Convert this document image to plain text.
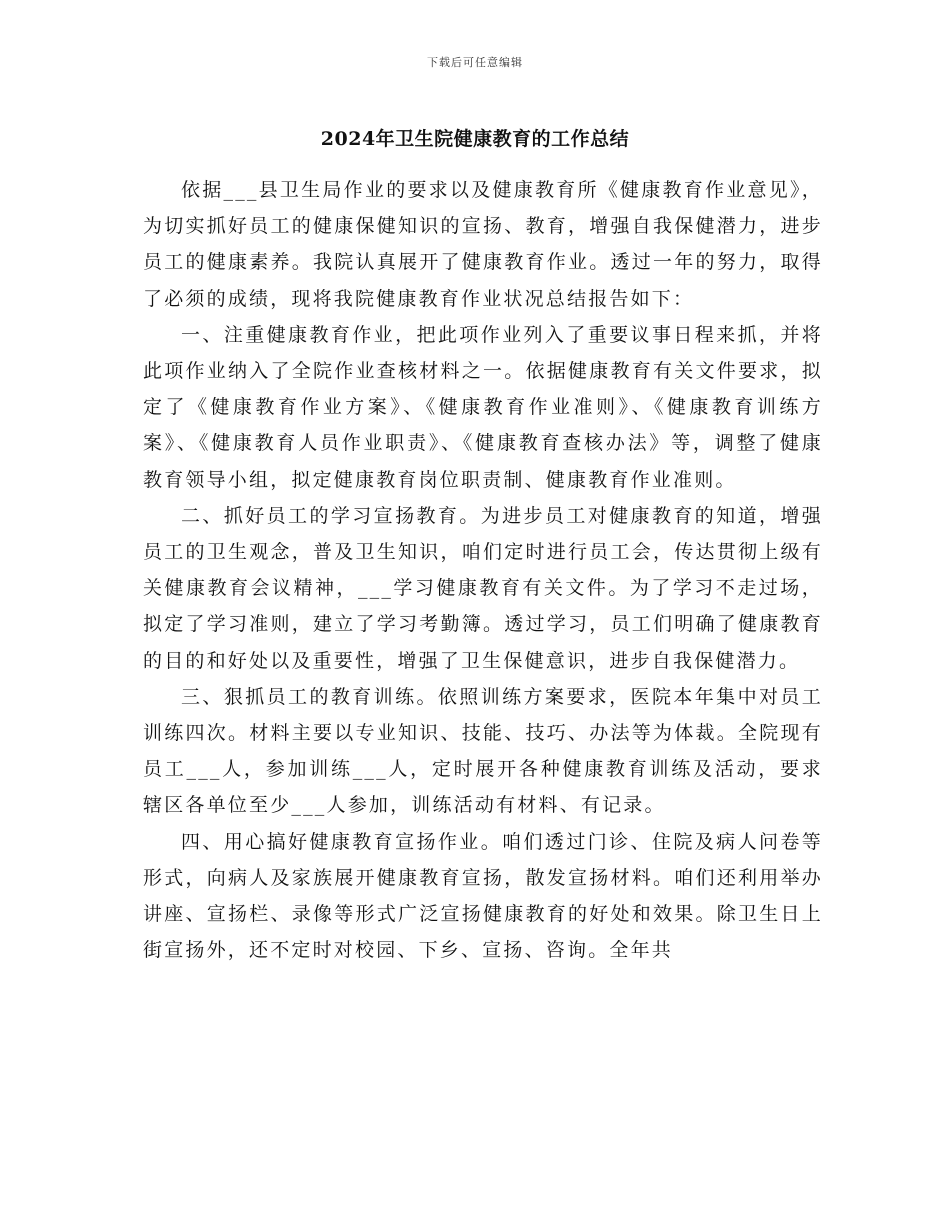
下载后可任意编辑
2024年卫生院健康教育的工作总结

依据___县卫生局作业的要求以及健康教育所《健康教育作业意见》，为切实抓好员工的健康保健知识的宣扬、教育，增强自我保健潜力，进步员工的健康素养。我院认真展开了健康教育作业。透过一年的努力，取得了必须的成绩，现将我院健康教育作业状况总结报告如下：

一、注重健康教育作业，把此项作业列入了重要议事日程来抓，并将此项作业纳入了全院作业查核材料之一。依据健康教育有关文件要求，拟定了《健康教育作业方案》、《健康教育作业准则》、《健康教育训练方案》、《健康教育人员作业职责》、《健康教育查核办法》等，调整了健康教育领导小组，拟定健康教育岗位职责制、健康教育作业准则。

二、抓好员工的学习宣扬教育。为进步员工对健康教育的知道，增强员工的卫生观念，普及卫生知识，咱们定时进行员工会，传达贯彻上级有关健康教育会议精神，___学习健康教育有关文件。为了学习不走过场，拟定了学习准则，建立了学习考勤簿。透过学习，员工们明确了健康教育的目的和好处以及重要性，增强了卫生保健意识，进步自我保健潜力。

三、狠抓员工的教育训练。依照训练方案要求，医院本年集中对员工训练四次。材料主要以专业知识、技能、技巧、办法等为体裁。全院现有员工___人，参加训练___人，定时展开各种健康教育训练及活动，要求辖区各单位至少___人参加，训练活动有材料、有记录。

四、用心搞好健康教育宣扬作业。咱们透过门诊、住院及病人问卷等形式，向病人及家族展开健康教育宣扬，散发宣扬材料。咱们还利用举办讲座、宣扬栏、录像等形式广泛宣扬健康教育的好处和效果。除卫生日上街宣扬外，还不定时对校园、下乡、宣扬、咨询。全年共
